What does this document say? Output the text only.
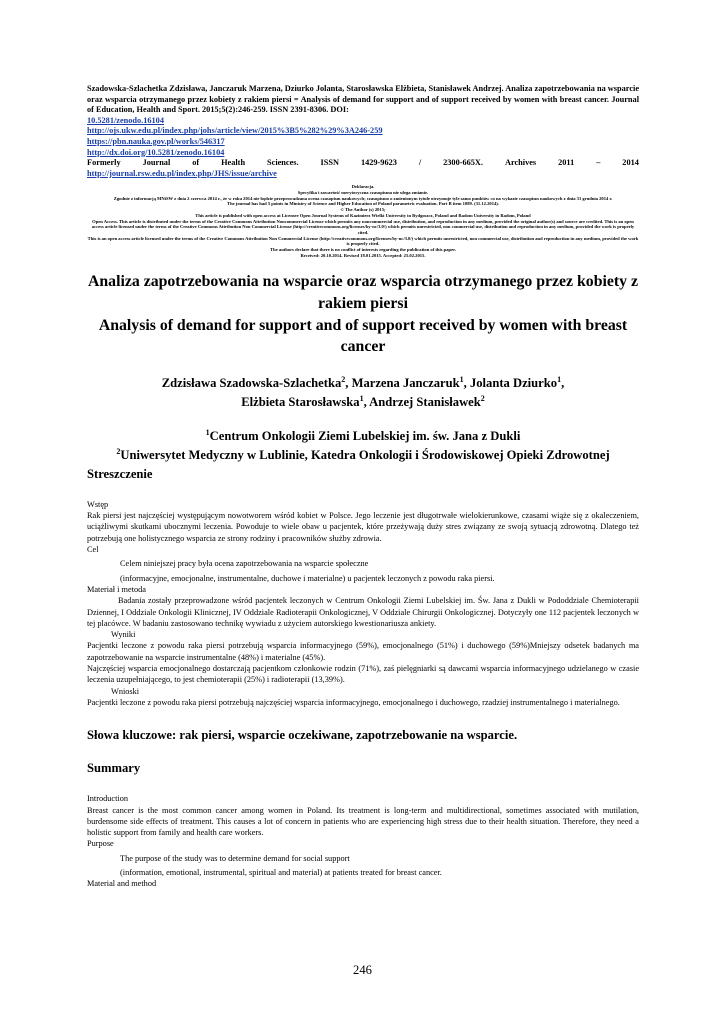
Szadowska-Szlachetka Zdzisława, Janczaruk Marzena, Dziurko Jolanta, Starosławska Elżbieta, Stanisławek Andrzej. Analiza zapotrzebowania na wsparcie oraz wsparcia otrzymanego przez kobiety z rakiem piersi = Analysis of demand for support and of support received by women with breast cancer. Journal of Education, Health and Sport. 2015;5(2):246-259. ISSN 2391-8306. DOI:
10.5281/zenodo.16104
http://ojs.ukw.edu.pl/index.php/johs/article/view/2015%3B5%282%29%3A246-259
https://pbn.nauka.gov.pl/works/546317
http://dx.doi.org/10.5281/zenodo.16104
Formerly	Journal	of	Health	Sciences.	ISSN	1429-9623	/	2300-665X.	Archives	2011	–	2014
http://journal.rsw.edu.pl/index.php/JHS/issue/archive
Deklaracja.
Specyfika i zawartość merytoryczna czasopisma nie ulega zmianie.
Zgodnie z informacją MNiSW z dnia 2 czerwca 2014 r., że w roku 2014 nie będzie przeprowadzana ocena czasopism naukowych; czasopismo o zmienionym tytule otrzymuje tyle samo punktów co na wykazie czasopism naukowych z dnia 31 grudnia 2014 r.
The journal has had 5 points in Ministry of Science and Higher Education of Poland parametric evaluation. Part B item 1089. (31.12.2014).
© The Author (s) 2015;
This article is published with open access at Licensee Open Journal Systems of Kazimierz Wielki University in Bydgoszcz, Poland and Radom University in Radom, Poland
Open Access. This article is distributed under the terms of the Creative Commons Attribution Noncommercial License which permits any noncommercial use, distribution, and reproduction in any medium, provided the original author(s) and source are credited. This is an open access article licensed under the terms of the Creative Commons Attribution Non Commercial License (http://creativecommons.org/licenses/by-nc/3.0/) which permits unrestricted, non commercial use, distribution and reproduction in any medium, provided the work is properly cited.
This is an open access article licensed under the terms of the Creative Commons Attribution Non Commercial License (http://creativecommons.org/licenses/by-nc/3.0/) which permits unrestricted, non commercial use, distribution and reproduction in any medium, provided the work is properly cited.
The authors declare that there is no conflict of interests regarding the publication of this paper.
Received: 20.10.2014. Revised 18.01.2015. Accepted: 25.02.2015.
Analiza zapotrzebowania na wsparcie oraz wsparcia otrzymanego przez kobiety z rakiem piersi
Analysis of demand for support and of support received by women with breast cancer
Zdzisława Szadowska-Szlachetka$^2$, Marzena Janczaruk$^1$, Jolanta Dziurko$^1$,
Elżbieta Starosławska$^1$, Andrzej Stanisławek$^2$
$^1$Centrum Onkologii Ziemi Lubelskiej im. św. Jana z Dukli
$^2$Uniwersytet Medyczny w Lublinie, Katedra Onkologii i Środowiskowej Opieki Zdrowotnej
Streszczenie

Wstęp

Rak piersi jest najczęściej występującym nowotworem wśród kobiet w Polsce. Jego leczenie jest długotrwałe wielokierunkowe, czasami wiąże się z okaleczeniem, uciążliwymi skutkami ubocznymi leczenia. Powoduje to wiele obaw u pacjentek, które przeżywają duży stres związany ze swoją sytuacją zdrowotną. Dlatego też potrzebują one holistycznego wsparcia ze strony rodziny i pracowników służby zdrowia.

Cel

Celem niniejszej pracy była ocena zapotrzebowania na wsparcie społeczne

(informacyjne, emocjonalne, instrumentalne, duchowe i materialne) u pacjentek leczonych z powodu raka piersi.

Materiał i metoda

Badania zostały przeprowadzone wśród pacjentek leczonych w Centrum Onkologii Ziemi Lubelskiej im. Św. Jana z Dukli w Pododdziale Chemioterapii Dziennej, I Oddziale Onkologii Klinicznej, IV Oddziale Radioterapii Onkologicznej, V Oddziale Chirurgii Onkologicznej. Dotyczyły one 112 pacjentek leczonych w tej placówce. W badaniu zastosowano technikę wywiadu z użyciem autorskiego kwestionariusza ankiety.

Wyniki

Pacjentki leczone z powodu raka piersi potrzebują wsparcia informacyjnego (59%), emocjonalnego (51%) i duchowego (59%)Mniejszy odsetek badanych ma zapotrzebowanie na wsparcie instrumentalne (48%) i materialne (45%).

Najczęściej wsparcia emocjonalnego dostarczają pacjentkom członkowie rodzin (71%), zaś pielęgniarki są dawcami wsparcia informacyjnego udzielanego w czasie leczenia uzupełniającego, to jest chemioterapii (25%) i radioterapii (13,39%).

Wnioski

Pacjentki leczone z powodu raka piersi potrzebują najczęściej wsparcia informacyjnego, emocjonalnego i duchowego, rzadziej instrumentalnego i materialnego.

Słowa kluczowe: rak piersi, wsparcie oczekiwane, zapotrzebowanie na wsparcie.
Summary

Introduction

Breast cancer is the most common cancer among women in Poland. Its treatment is long-term and multidirectional, sometimes associated with mutilation, burdensome side effects of treatment. This causes a lot of concern in patients who are experiencing high stress due to their health situation. Therefore, they need a holistic support from family and health care workers.

Purpose

The purpose of the study was to determine demand for social support

(information, emotional, instrumental, spiritual and material) at patients treated for breast cancer.

Material and method

246
